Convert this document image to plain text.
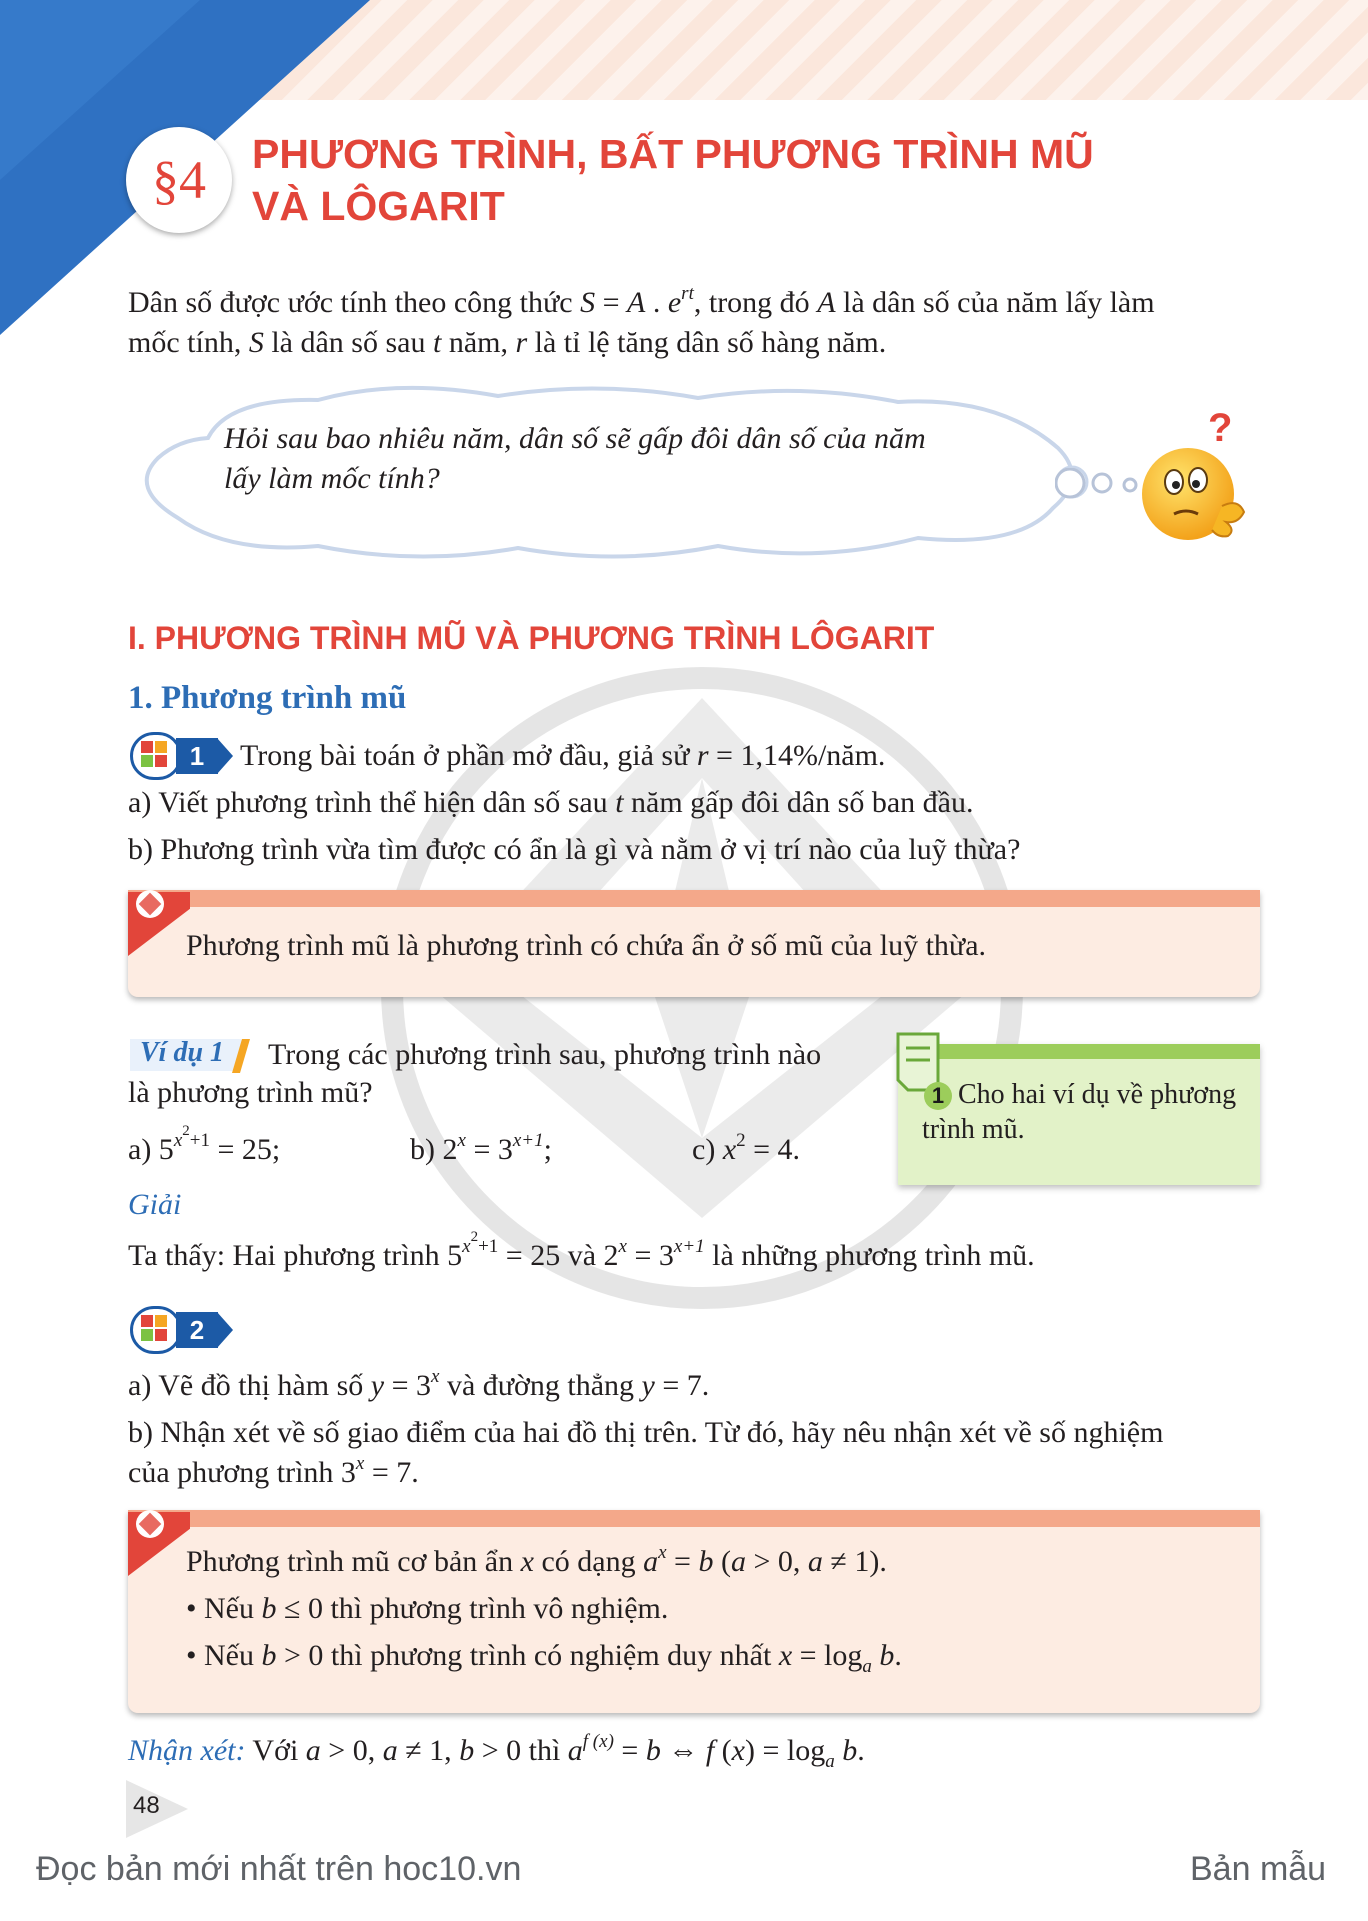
§4	PHƯƠNG TRÌNH, BẤT PHƯƠNG TRÌNH MŨ
VÀ LÔGARIT
Dân số được ước tính theo công thức S = A . $e^{rt}$, trong đó A là dân số của năm lấy làm
mốc tính, S là dân số sau t năm, r là tỉ lệ tăng dân số hàng năm.
Hỏi sau bao nhiêu năm, dân số sẽ gấp đôi dân số của năm
lấy làm mốc tính?
?
I. PHƯƠNG TRÌNH MŨ VÀ PHƯƠNG TRÌNH LÔGARIT
1. Phương trình mũ
1	Trong bài toán ở phần mở đầu, giả sử r = 1,14%/năm.
a) Viết phương trình thể hiện dân số sau t năm gấp đôi dân số ban đầu.
b) Phương trình vừa tìm được có ẩn là gì và nằm ở vị trí nào của luỹ thừa?
Phương trình mũ là phương trình có chứa ẩn ở số mũ của luỹ thừa.
Ví dụ 1 Trong các phương trình sau, phương trình nào
là phương trình mũ?
a) $5^{x^2+1} = 25$;	b) $2^x = 3^{x+1}$;	c) $x^2 = 4$.
Giải
Ta thấy: Hai phương trình $5^{x^2+1} = 25$ và $2^x = 3^{x+1}$ là những phương trình mũ.
1 Cho hai ví dụ về phương
trình mũ.
2
a) Vẽ đồ thị hàm số $y = 3^x$ và đường thẳng y = 7.
b) Nhận xét về số giao điểm của hai đồ thị trên. Từ đó, hãy nêu nhận xét về số nghiệm
của phương trình $3^x = 7$.
Phương trình mũ cơ bản ẩn x có dạng $a^x = b$ (a > 0, a ≠ 1).
• Nếu b ≤ 0 thì phương trình vô nghiệm.
• Nếu b > 0 thì phương trình có nghiệm duy nhất $x = \log_a b$.
Nhận xét: Với a > 0, a ≠ 1, b > 0 thì $a^{f (x)} = b$ ⇔ f $(x) = \log_a b$.
48
Đọc bản mới nhất trên hoc10.vn	Bản mẫu
